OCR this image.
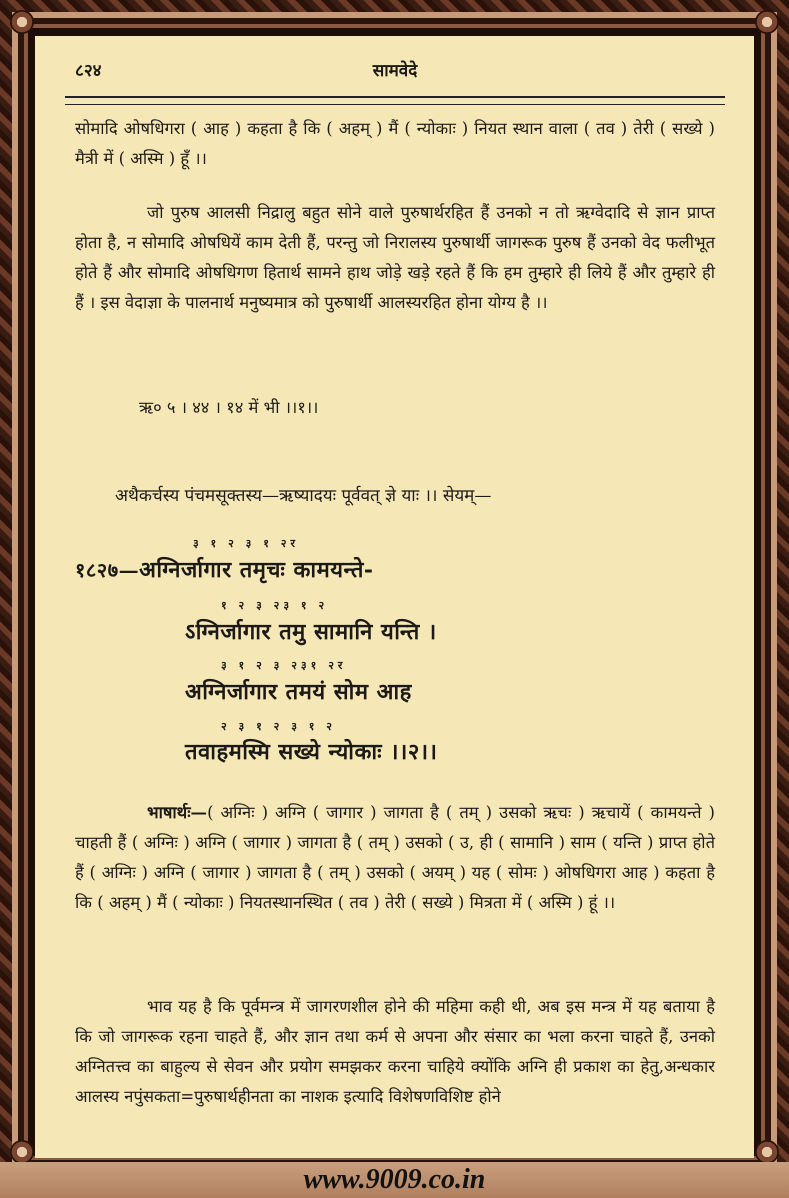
८२४	सामवेदे
सोमादि ओषधिगरा ( आह ) कहता है कि ( अहम् ) मैं ( न्योकाः ) नियत स्थान वाला ( तव ) तेरी ( सख्ये ) मैत्री में ( अस्मि ) हूँ ।।
जो पुरुष आलसी निद्रालु बहुत सोने वाले पुरुषार्थरहित हैं उनको न तो ऋग्वेदादि से ज्ञान प्राप्त होता है, न सोमादि ओषधियें काम देती हैं, परन्तु जो निरालस्य पुरुषार्थी जागरूक पुरुष हैं उनको वेद फलीभूत होते हैं और सोमादि ओषधिगण हितार्थ सामने हाथ जोड़े खड़े रहते हैं कि हम तुम्हारे ही लिये हैं और तुम्हारे ही हैं । इस वेदाज्ञा के पालनार्थ मनुष्यमात्र को पुरुषार्थी आलस्यरहित होना योग्य है ।।
ऋ० ५ । ४४ । १४ में भी ।।१।।
अथैकर्चस्य पंचमसूक्तस्य—ऋष्यादयः पूर्ववत् ज्ञे याः ।। सेयम्—
३ १ २ ३ १ २र
१८२७—अग्निर्जागार तमृचः कामयन्ते-
१ २ ३ २३ १ २
ऽग्निर्जागार तमु सामानि यन्ति ।
३ १ २ ३ २३१ २र
अग्निर्जागार तमयं सोम आह
२ ३ १ २ ३ १ २
तवाहमस्मि सख्ये न्योकाः ।।२।।
भाषार्थः—( अग्निः ) अग्नि ( जागार ) जागता है ( तम् ) उसको ऋचः ) ऋचायें ( कामयन्ते ) चाहती हैं ( अग्निः ) अग्नि ( जागार ) जागता है ( तम् ) उसको ( उ, ही ( सामानि ) साम ( यन्ति ) प्राप्त होते हैं ( अग्निः ) अग्नि ( जागार ) जागता है ( तम् ) उसको ( अयम् ) यह ( सोमः ) ओषधिगरा आह ) कहता है कि ( अहम् ) मैं ( न्योकाः ) नियतस्थानस्थित ( तव ) तेरी ( सख्ये ) मित्रता में ( अस्मि ) हूं ।।
भाव यह है कि पूर्वमन्त्र में जागरणशील होने की महिमा कही थी, अब इस मन्त्र में यह बताया है कि जो जागरूक रहना चाहते हैं, और ज्ञान तथा कर्म से अपना और संसार का भला करना चाहते हैं, उनको अग्नितत्त्व का बाहुल्य से सेवन और प्रयोग समझकर करना चाहिये क्योंकि अग्नि ही प्रकाश का हेतु,अन्धकार आलस्य नपुंसकता=पुरुषार्थहीनता का नाशक इत्यादि विशेषणविशिष्ट होने
www.9009.co.in
